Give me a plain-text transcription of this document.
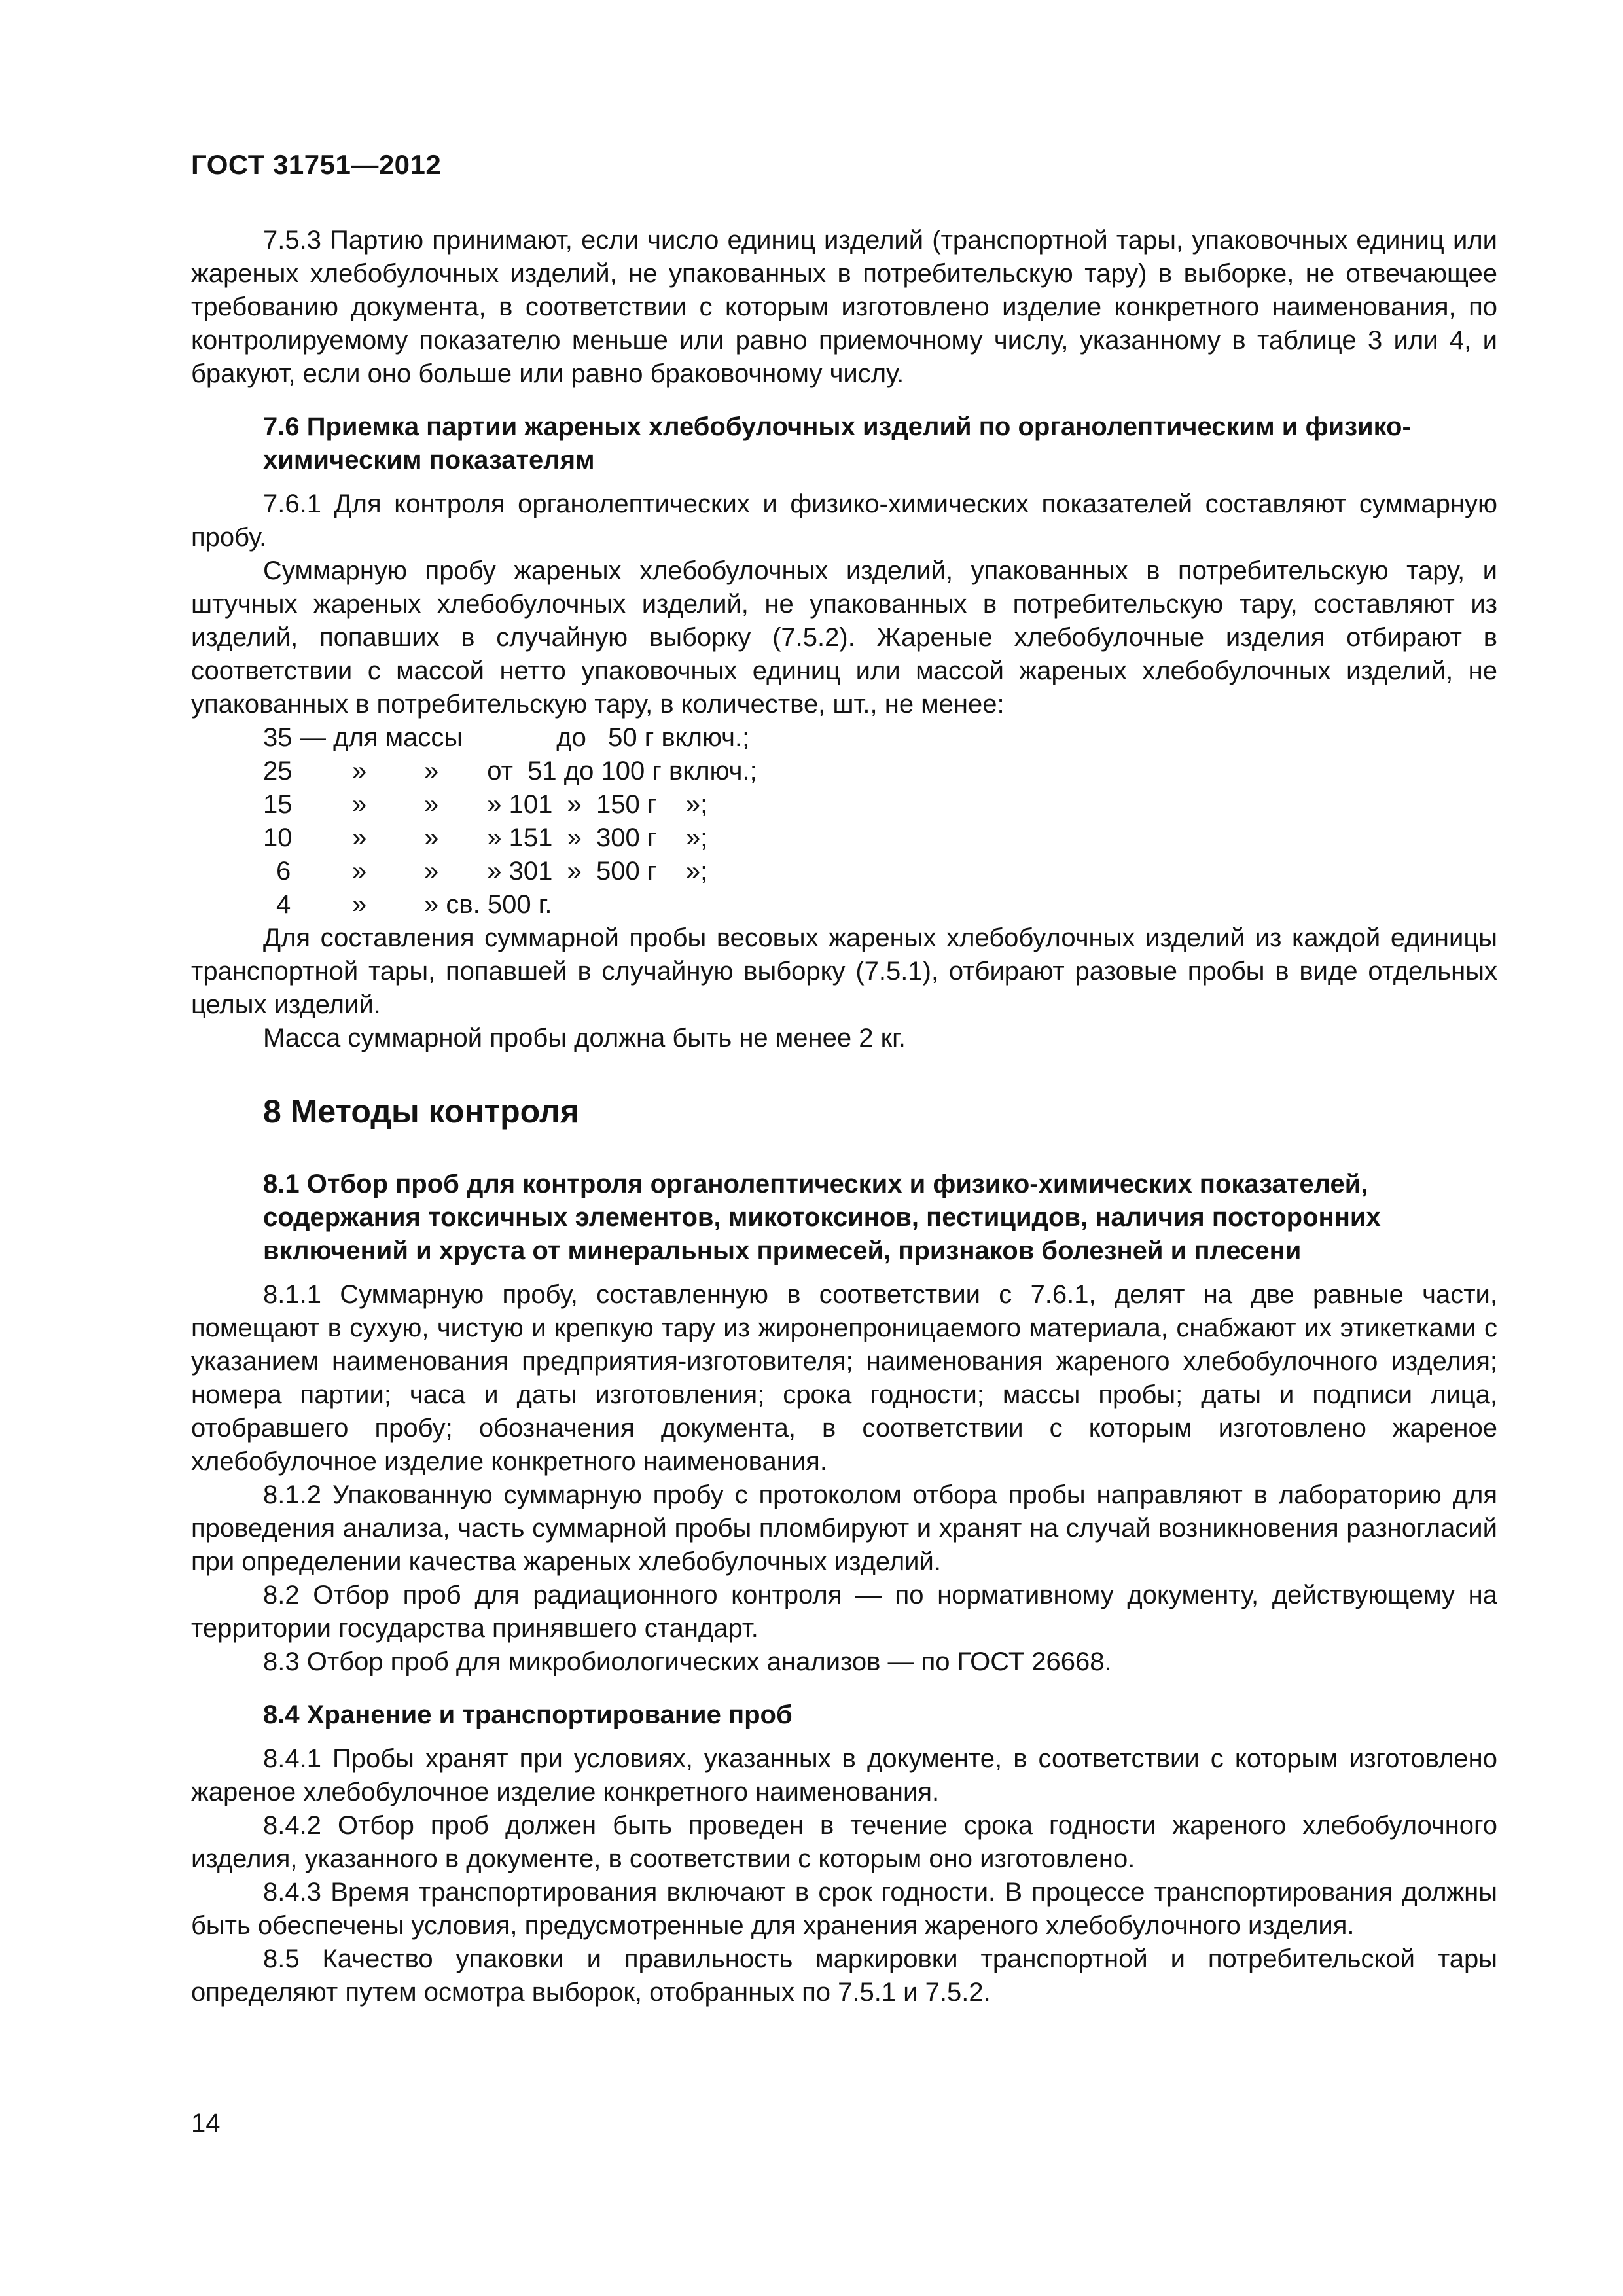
ГОСТ 31751—2012

7.5.3 Партию принимают, если число единиц изделий (транспортной тары, упаковочных единиц или жареных хлебобулочных изделий, не упакованных в потребительскую тару) в выборке, не отвечающее требованию документа, в соответствии с которым изготовлено изделие конкретного наименования, по контролируемому показателю меньше или равно приемочному числу, указанному в таблице 3 или 4, и бракуют, если оно больше или равно браковочному числу.

7.6 Приемка партии жареных хлебобулочных изделий по органолептическим и физико-химическим показателям

7.6.1 Для контроля органолептических и физико-химических показателей составляют суммарную пробу.

Суммарную пробу жареных хлебобулочных изделий, упакованных в потребительскую тару, и штучных жареных хлебобулочных изделий, не упакованных в потребительскую тару, составляют из изделий, попавших в случайную выборку (7.5.2). Жареные хлебобулочные изделия отбирают в соответствии с массой нетто упаковочных единиц или массой жареных хлебобулочных изделий, не упакованных в потребительскую тару, в количестве, шт., не менее:

35 — для массы до   50 г включ.;
25	» » от  51 до 100 г включ.;
15	» » » 101  »  150 г    »;
10	» » » 151  »  300 г    »;
6	» » » 301  »  500 г    »;
4	» » св. 500 г.

Для составления суммарной пробы весовых жареных хлебобулочных изделий из каждой единицы транспортной тары, попавшей в случайную выборку (7.5.1), отбирают разовые пробы в виде отдельных целых изделий.

Масса суммарной пробы должна быть не менее 2 кг.

8 Методы контроля
8.1 Отбор проб для контроля органолептических и физико-химических показателей, содержания токсичных элементов, микотоксинов, пестицидов, наличия посторонних включений и хруста от минеральных примесей, признаков болезней и плесени

8.1.1 Суммарную пробу, составленную в соответствии с 7.6.1, делят на две равные части, помещают в сухую, чистую и крепкую тару из жиронепроницаемого материала, снабжают их этикетками с указанием наименования предприятия-изготовителя; наименования жареного хлебобулочного изделия; номера партии; часа и даты изготовления; срока годности; массы пробы; даты и подписи лица, отобравшего пробу; обозначения документа, в соответствии с которым изготовлено жареное хлебобулочное изделие конкретного наименования.

8.1.2 Упакованную суммарную пробу с протоколом отбора пробы направляют в лабораторию для проведения анализа, часть суммарной пробы пломбируют и хранят на случай возникновения разногласий при определении качества жареных хлебобулочных изделий.

8.2 Отбор проб для радиационного контроля — по нормативному документу, действующему на территории государства принявшего стандарт.

8.3 Отбор проб для микробиологических анализов — по ГОСТ 26668.

8.4 Хранение и транспортирование проб

8.4.1 Пробы хранят при условиях, указанных в документе, в соответствии с которым изготовлено жареное хлебобулочное изделие конкретного наименования.

8.4.2 Отбор проб должен быть проведен в течение срока годности жареного хлебобулочного изделия, указанного в документе, в соответствии с которым оно изготовлено.

8.4.3 Время транспортирования включают в срок годности. В процессе транспортирования должны быть обеспечены условия, предусмотренные для хранения жареного хлебобулочного изделия.

8.5 Качество упаковки и правильность маркировки транспортной и потребительской тары определяют путем осмотра выборок, отобранных по 7.5.1 и 7.5.2.

14
